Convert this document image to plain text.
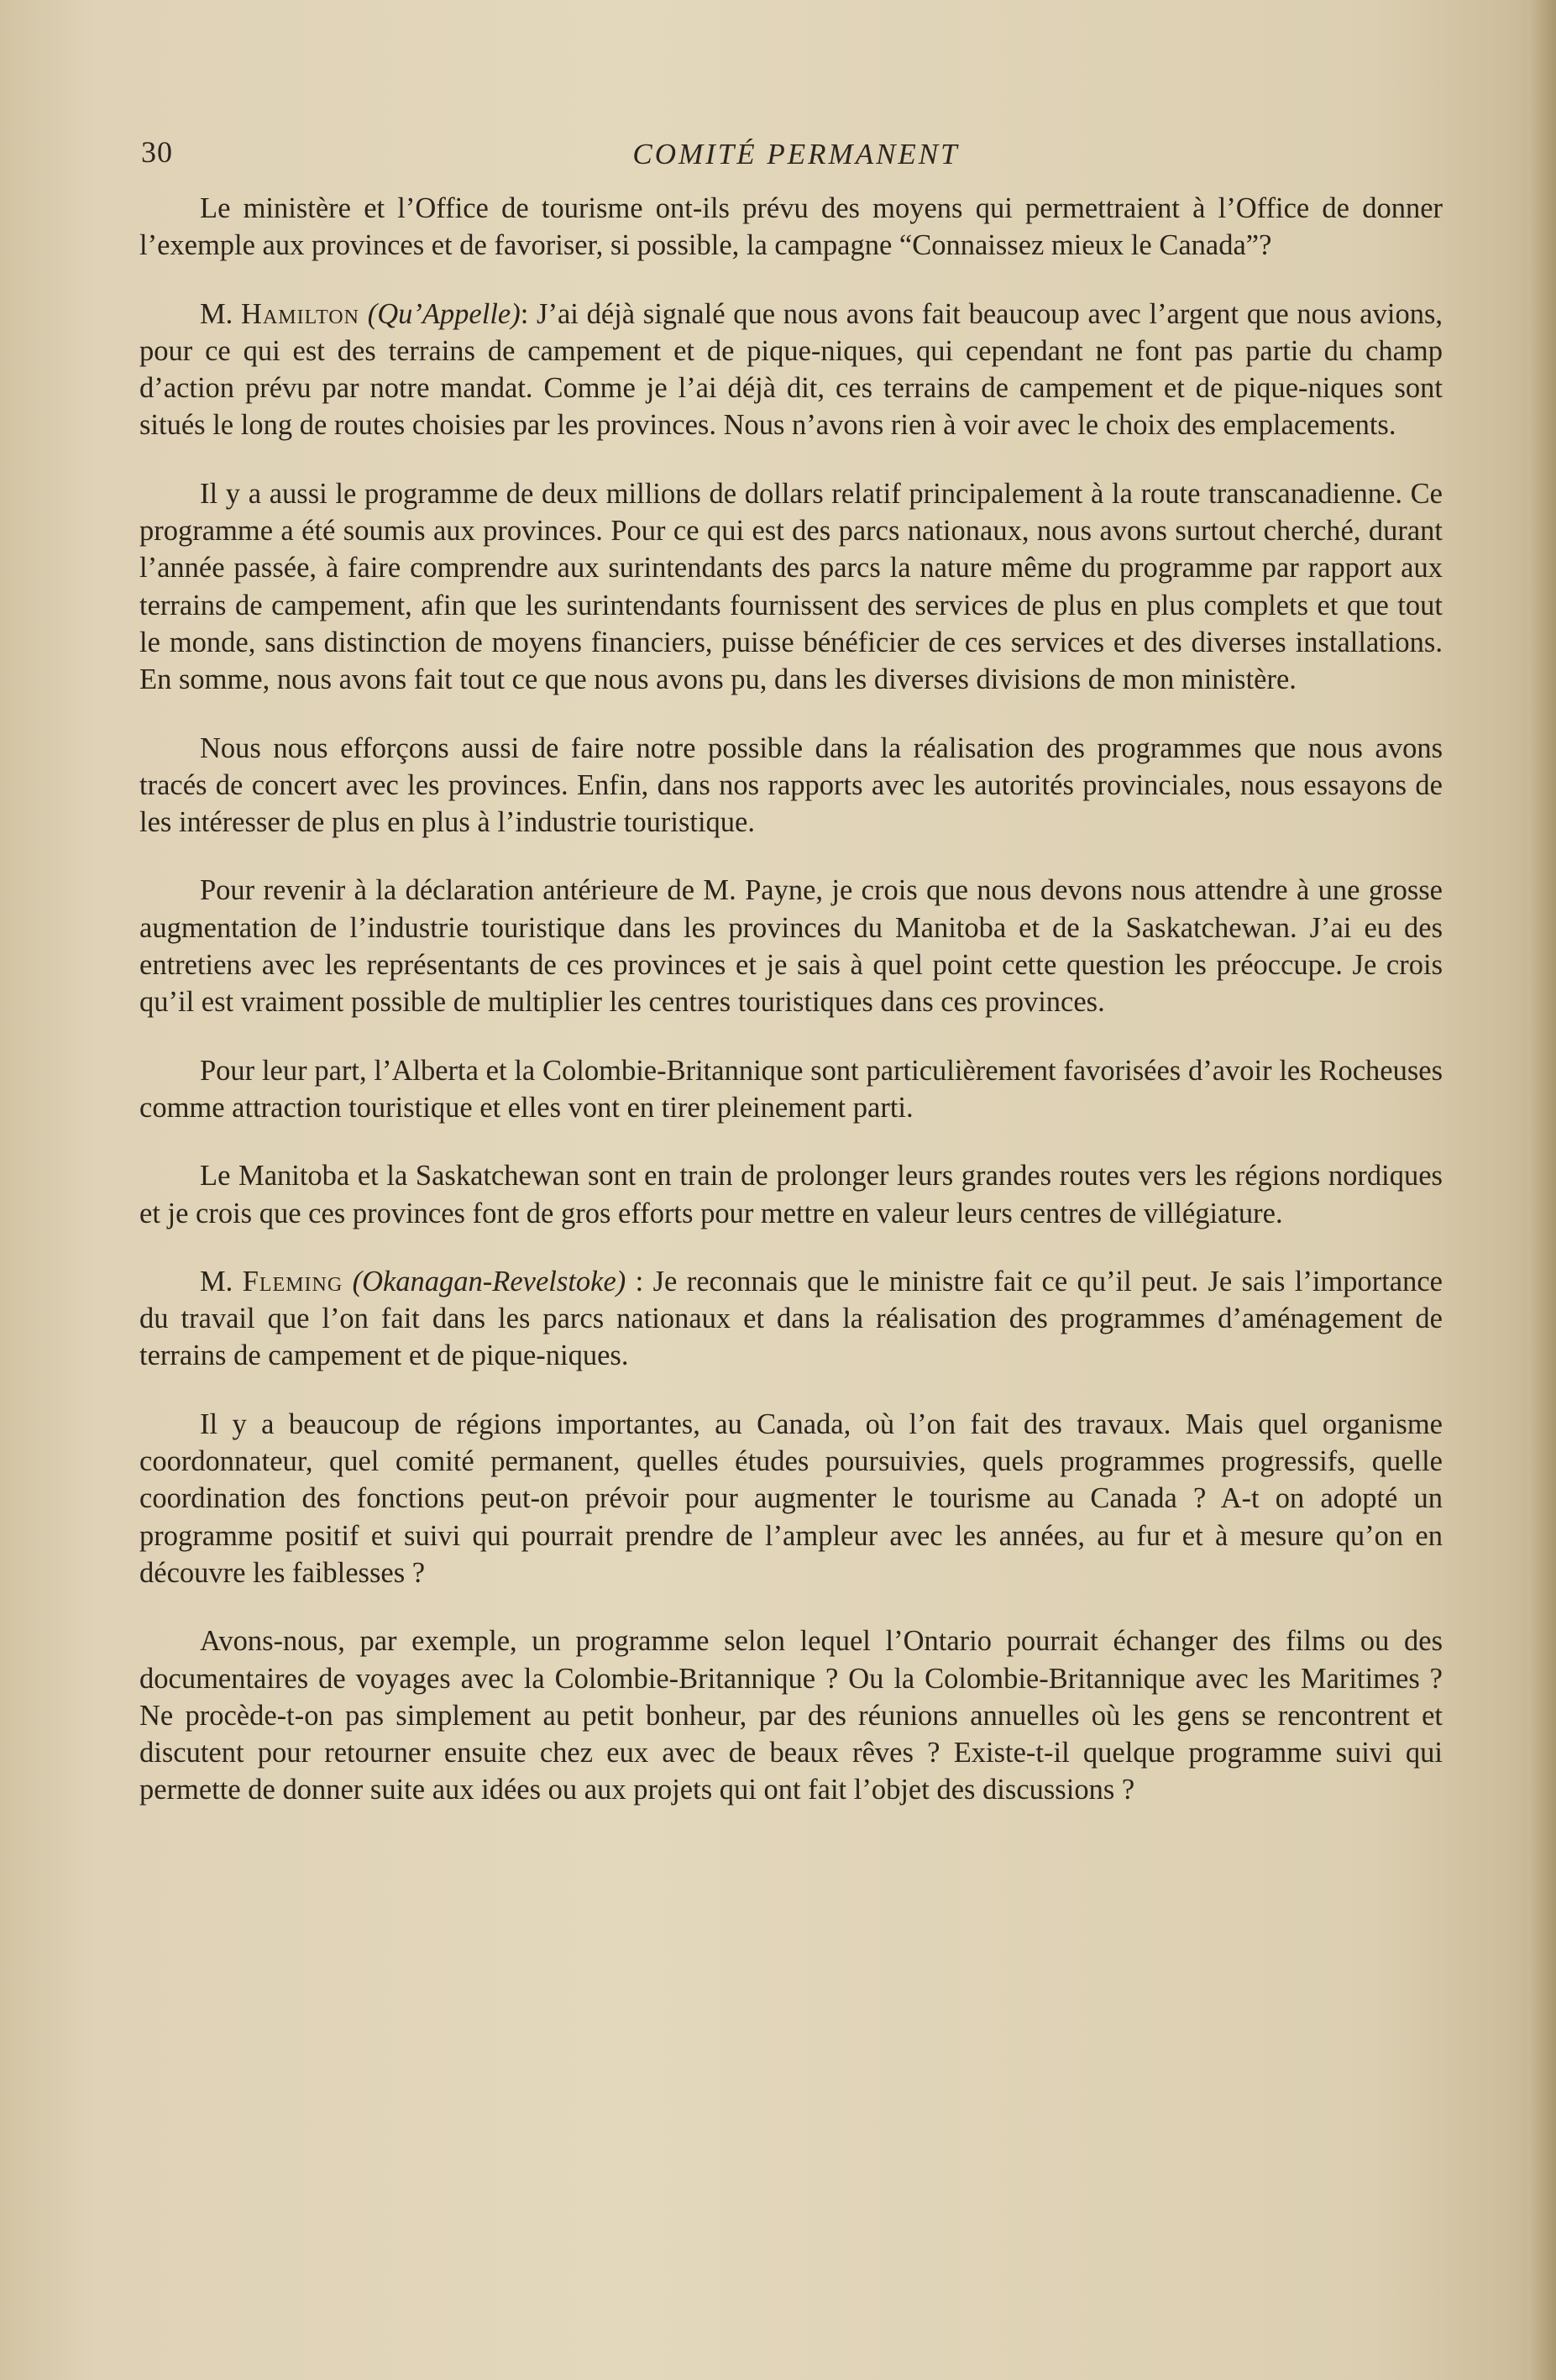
30	COMITÉ PERMANENT

Le ministère et l’Office de tourisme ont-ils prévu des moyens qui permettraient à l’Office de donner l’exemple aux provinces et de favoriser, si possible, la campagne “Connaissez mieux le Canada”?

M. Hamilton (Qu’Appelle): J’ai déjà signalé que nous avons fait beaucoup avec l’argent que nous avions, pour ce qui est des terrains de campement et de pique-niques, qui cependant ne font pas partie du champ d’action prévu par notre mandat. Comme je l’ai déjà dit, ces terrains de campement et de pique-niques sont situés le long de routes choisies par les provinces. Nous n’avons rien à voir avec le choix des emplacements.

Il y a aussi le programme de deux millions de dollars relatif principalement à la route transcanadienne. Ce programme a été soumis aux provinces. Pour ce qui est des parcs nationaux, nous avons surtout cherché, durant l’année passée, à faire comprendre aux surintendants des parcs la nature même du programme par rapport aux terrains de campement, afin que les surintendants fournissent des services de plus en plus complets et que tout le monde, sans distinction de moyens financiers, puisse bénéficier de ces services et des diverses installations. En somme, nous avons fait tout ce que nous avons pu, dans les diverses divisions de mon ministère.

Nous nous efforçons aussi de faire notre possible dans la réalisation des programmes que nous avons tracés de concert avec les provinces. Enfin, dans nos rapports avec les autorités provinciales, nous essayons de les intéresser de plus en plus à l’industrie touristique.

Pour revenir à la déclaration antérieure de M. Payne, je crois que nous devons nous attendre à une grosse augmentation de l’industrie touristique dans les provinces du Manitoba et de la Saskatchewan. J’ai eu des entretiens avec les représentants de ces provinces et je sais à quel point cette question les préoccupe. Je crois qu’il est vraiment possible de multiplier les centres touristiques dans ces provinces.

Pour leur part, l’Alberta et la Colombie-Britannique sont particulièrement favorisées d’avoir les Rocheuses comme attraction touristique et elles vont en tirer pleinement parti.

Le Manitoba et la Saskatchewan sont en train de prolonger leurs grandes routes vers les régions nordiques et je crois que ces provinces font de gros efforts pour mettre en valeur leurs centres de villégiature.

M. Fleming (Okanagan-Revelstoke) : Je reconnais que le ministre fait ce qu’il peut. Je sais l’importance du travail que l’on fait dans les parcs nationaux et dans la réalisation des programmes d’aménagement de terrains de campement et de pique-niques.

Il y a beaucoup de régions importantes, au Canada, où l’on fait des travaux. Mais quel organisme coordonnateur, quel comité permanent, quelles études poursuivies, quels programmes progressifs, quelle coordination des fonctions peut-on prévoir pour augmenter le tourisme au Canada ? A-t on adopté un programme positif et suivi qui pourrait prendre de l’ampleur avec les années, au fur et à mesure qu’on en découvre les faiblesses ?

Avons-nous, par exemple, un programme selon lequel l’Ontario pourrait échanger des films ou des documentaires de voyages avec la Colombie-Britannique ? Ou la Colombie-Britannique avec les Maritimes ? Ne procède-t-on pas simplement au petit bonheur, par des réunions annuelles où les gens se rencontrent et discutent pour retourner ensuite chez eux avec de beaux rêves ? Existe-t-il quelque programme suivi qui permette de donner suite aux idées ou aux projets qui ont fait l’objet des discussions ?
